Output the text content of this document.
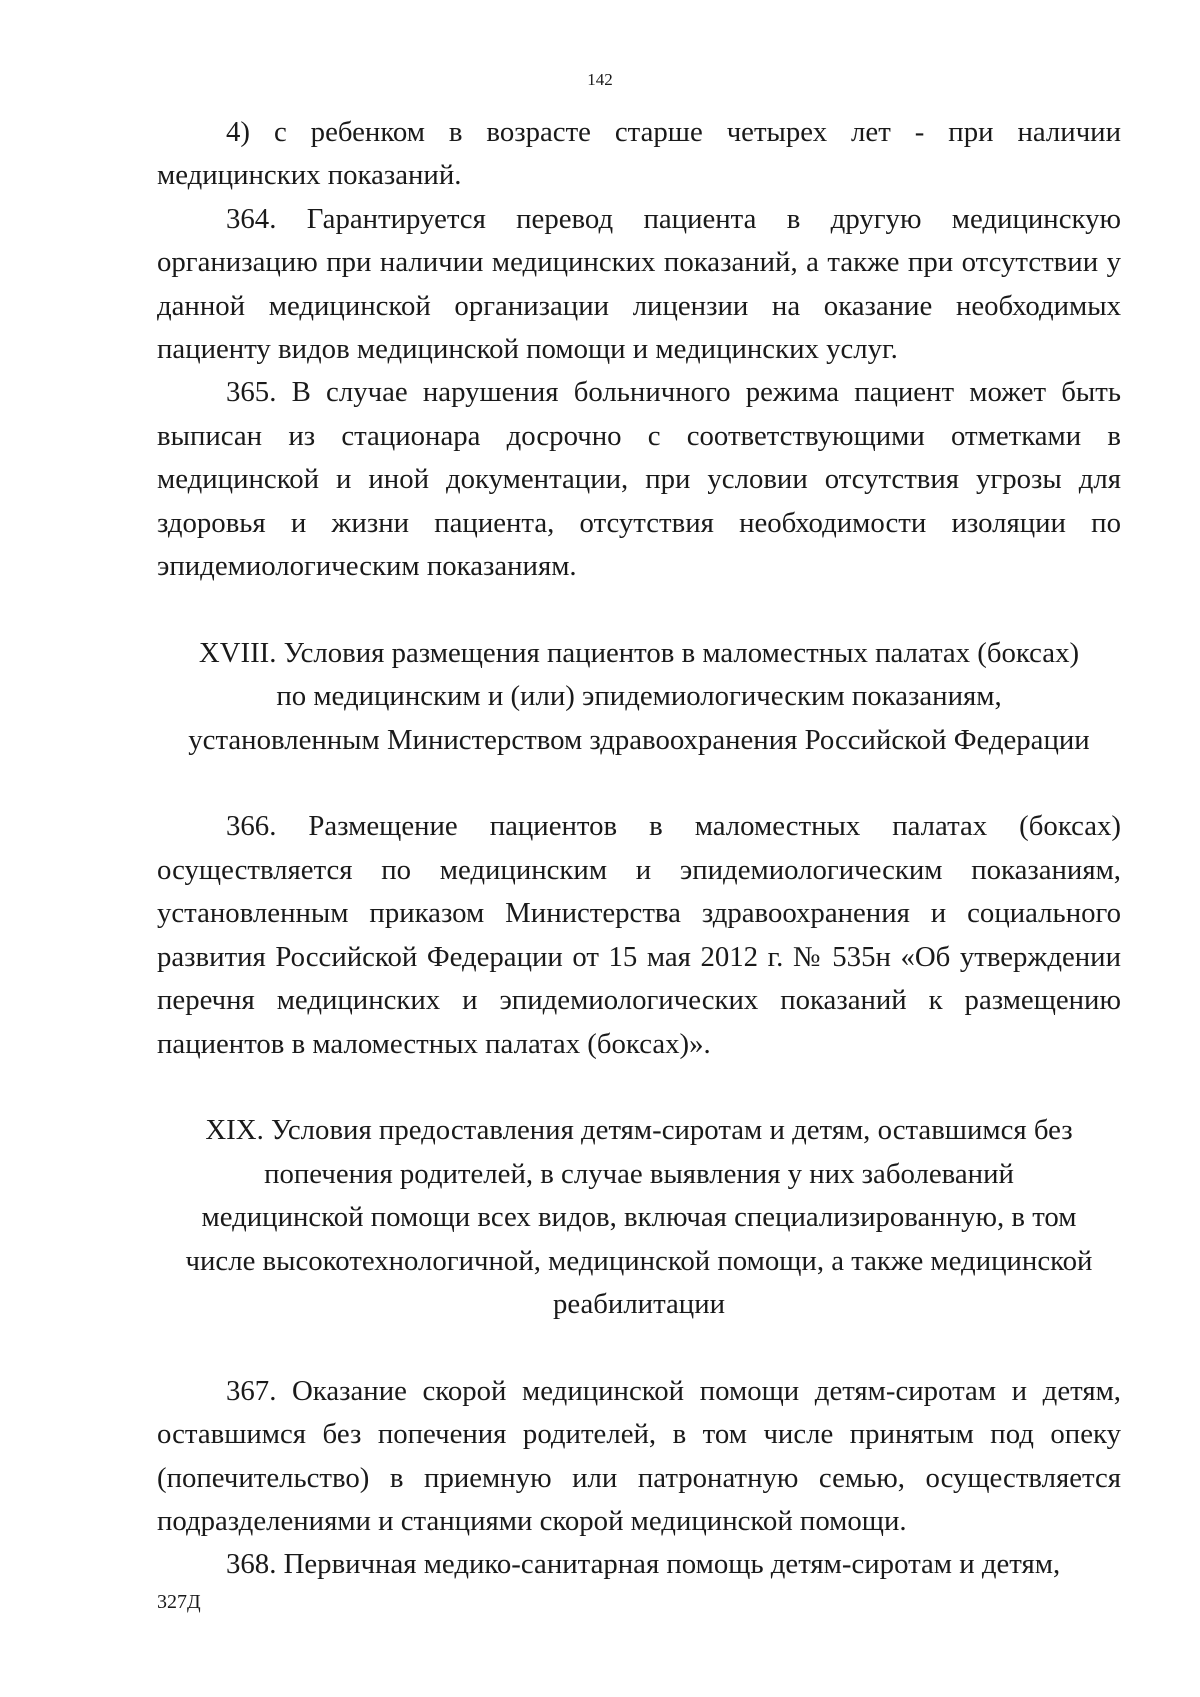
142

4) с ребенком в возрасте старше четырех лет - при наличии медицинских показаний.

364. Гарантируется перевод пациента в другую медицинскую организацию при наличии медицинских показаний, а также при отсутствии у данной медицинской организации лицензии на оказание необходимых пациенту видов медицинской помощи и медицинских услуг.

365. В случае нарушения больничного режима пациент может быть выписан из стационара досрочно с соответствующими отметками в медицинской и иной документации, при условии отсутствия угрозы для здоровья и жизни пациента, отсутствия необходимости изоляции по эпидемиологическим показаниям.

XVIII. Условия размещения пациентов в маломестных палатах (боксах)
по медицинским и (или) эпидемиологическим показаниям,
установленным Министерством здравоохранения Российской Федерации

366. Размещение пациентов в маломестных палатах (боксах) осуществляется по медицинским и эпидемиологическим показаниям, установленным приказом Министерства здравоохранения и социального развития Российской Федерации от 15 мая 2012 г. № 535н «Об утверждении перечня медицинских и эпидемиологических показаний к размещению пациентов в маломестных палатах (боксах)».

XIX. Условия предоставления детям-сиротам и детям, оставшимся без
попечения родителей, в случае выявления у них заболеваний
медицинской помощи всех видов, включая специализированную, в том
числе высокотехнологичной, медицинской помощи, а также медицинской
реабилитации

367. Оказание скорой медицинской помощи детям-сиротам и детям, оставшимся без попечения родителей, в том числе принятым под опеку (попечительство) в приемную или патронатную семью, осуществляется подразделениями и станциями скорой медицинской помощи.

368. Первичная медико-санитарная помощь детям-сиротам и детям,

327Д
